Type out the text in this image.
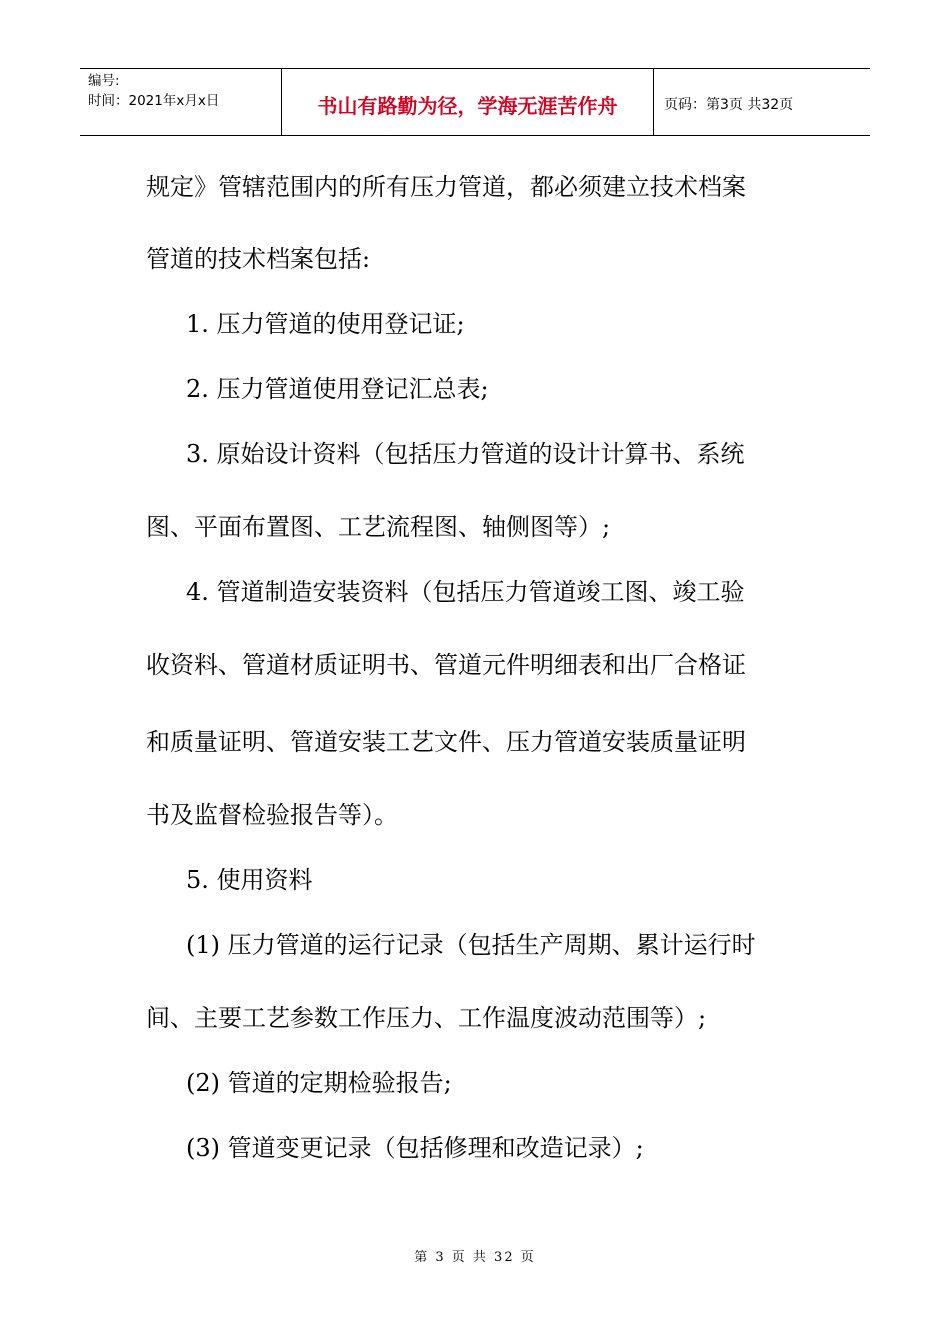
编号:
时间：2021年x月x日	书山有路勤为径，学海无涯苦作舟	页码：第3页 共32页
规定》管辖范围内的所有压力管道，都必须建立技术档案
管道的技术档案包括:
1. 压力管道的使用登记证;
2. 压力管道使用登记汇总表;
3. 原始设计资料（包括压力管道的设计计算书、系统
图、平面布置图、工艺流程图、轴侧图等）;
4. 管道制造安装资料（包括压力管道竣工图、竣工验
收资料、管道材质证明书、管道元件明细表和出厂合格证
和质量证明、管道安装工艺文件、压力管道安装质量证明
书及监督检验报告等）。
5. 使用资料
(1) 压力管道的运行记录（包括生产周期、累计运行时
间、主要工艺参数工作压力、工作温度波动范围等）;
(2) 管道的定期检验报告;
(3) 管道变更记录（包括修理和改造记录）;
第 3 页 共 32 页
